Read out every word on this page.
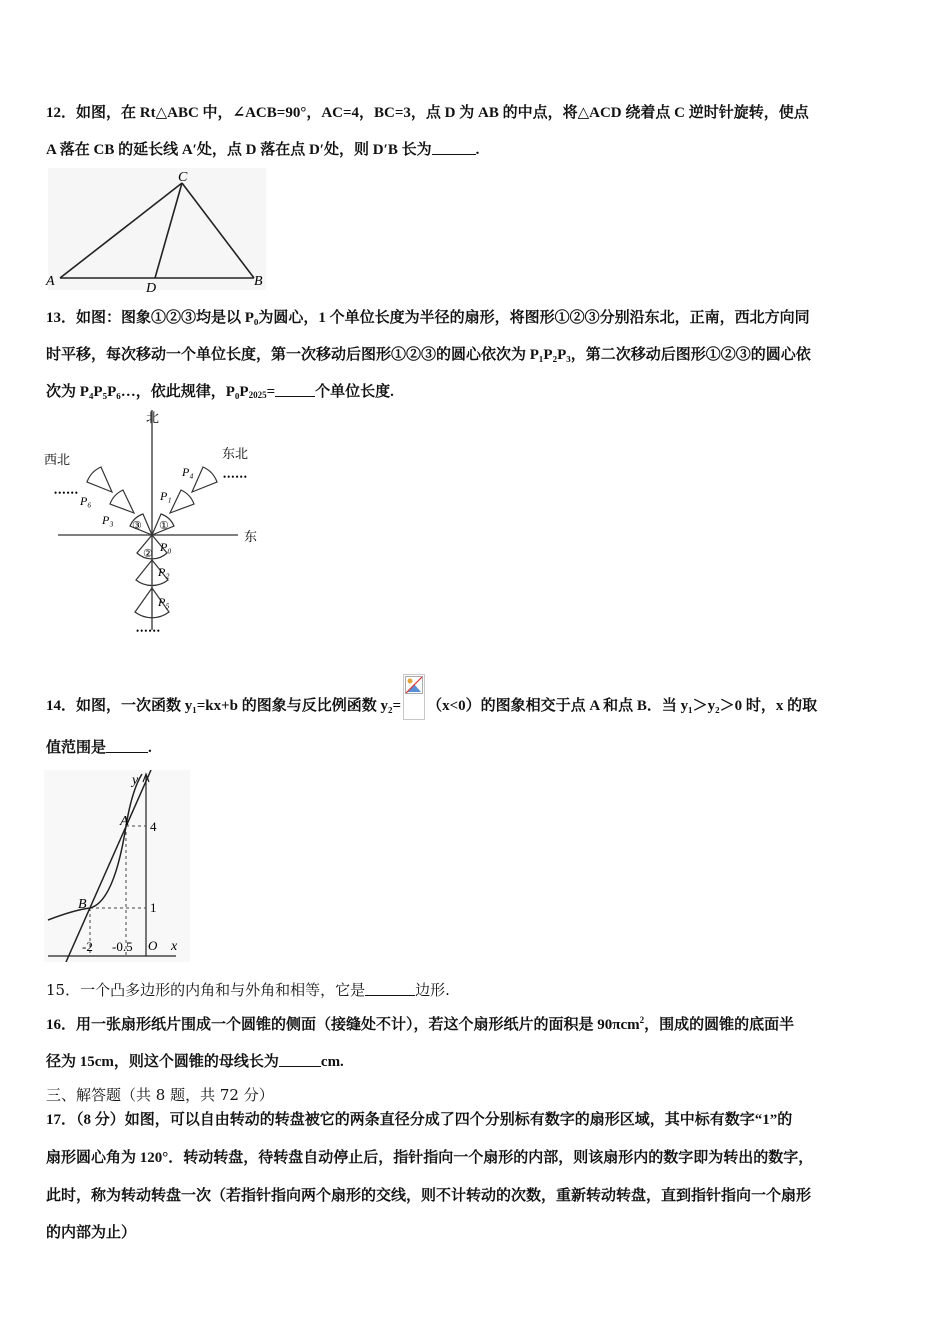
12．如图，在 Rt△ABC 中，∠ACB=90°，AC=4，BC=3，点 D 为 AB 的中点，将△ACD 绕着点 C 逆时针旋转，使点
A 落在 CB 的延长线 A′处，点 D 落在点 D′处，则 D′B 长为	.
C
A	B
D
13．如图：图象①②③均是以 P₀为圆心，1 个单位长度为半径的扇形，将图形①②③分别沿东北，正南，西北方向同
时平移，每次移动一个单位长度，第一次移动后图形①②③的圆心依次为 P₁P₂P₃，第二次移动后图形①②③的圆心依
次为 P₄P₅P₆…，依此规律，$P_0P_{2025}=$	个单位长度.
北
东
东北
西北
①
③
② P₀
P₁
P₄	••••••
P₃
P₆
••••••
P₂
P₅
••••••
14．如图，一次函数 y₁=kx+b 的图象与反比例函数 y₂= （x<0）的图象相交于点 A 和点 B．当 y₁＞y₂＞0 时，x 的取
值范围是	.
y
x
O
A
B
4
1
-2 -0.5
15．一个凸多边形的内角和与外角和相等，它是	边形.
16．用一张扇形纸片围成一个圆锥的侧面（接缝处不计），若这个扇形纸片的面积是 90πcm$^2$，围成的圆锥的底面半
径为 15cm，则这个圆锥的母线长为	cm.
三、解答题（共 8 题，共 72 分）
17．（8 分）如图，可以自由转动的转盘被它的两条直径分成了四个分别标有数字的扇形区域，其中标有数字“1”的
扇形圆心角为 120°．转动转盘，待转盘自动停止后，指针指向一个扇形的内部，则该扇形内的数字即为转出的数字，
此时，称为转动转盘一次（若指针指向两个扇形的交线，则不计转动的次数，重新转动转盘，直到指针指向一个扇形
的内部为止）
